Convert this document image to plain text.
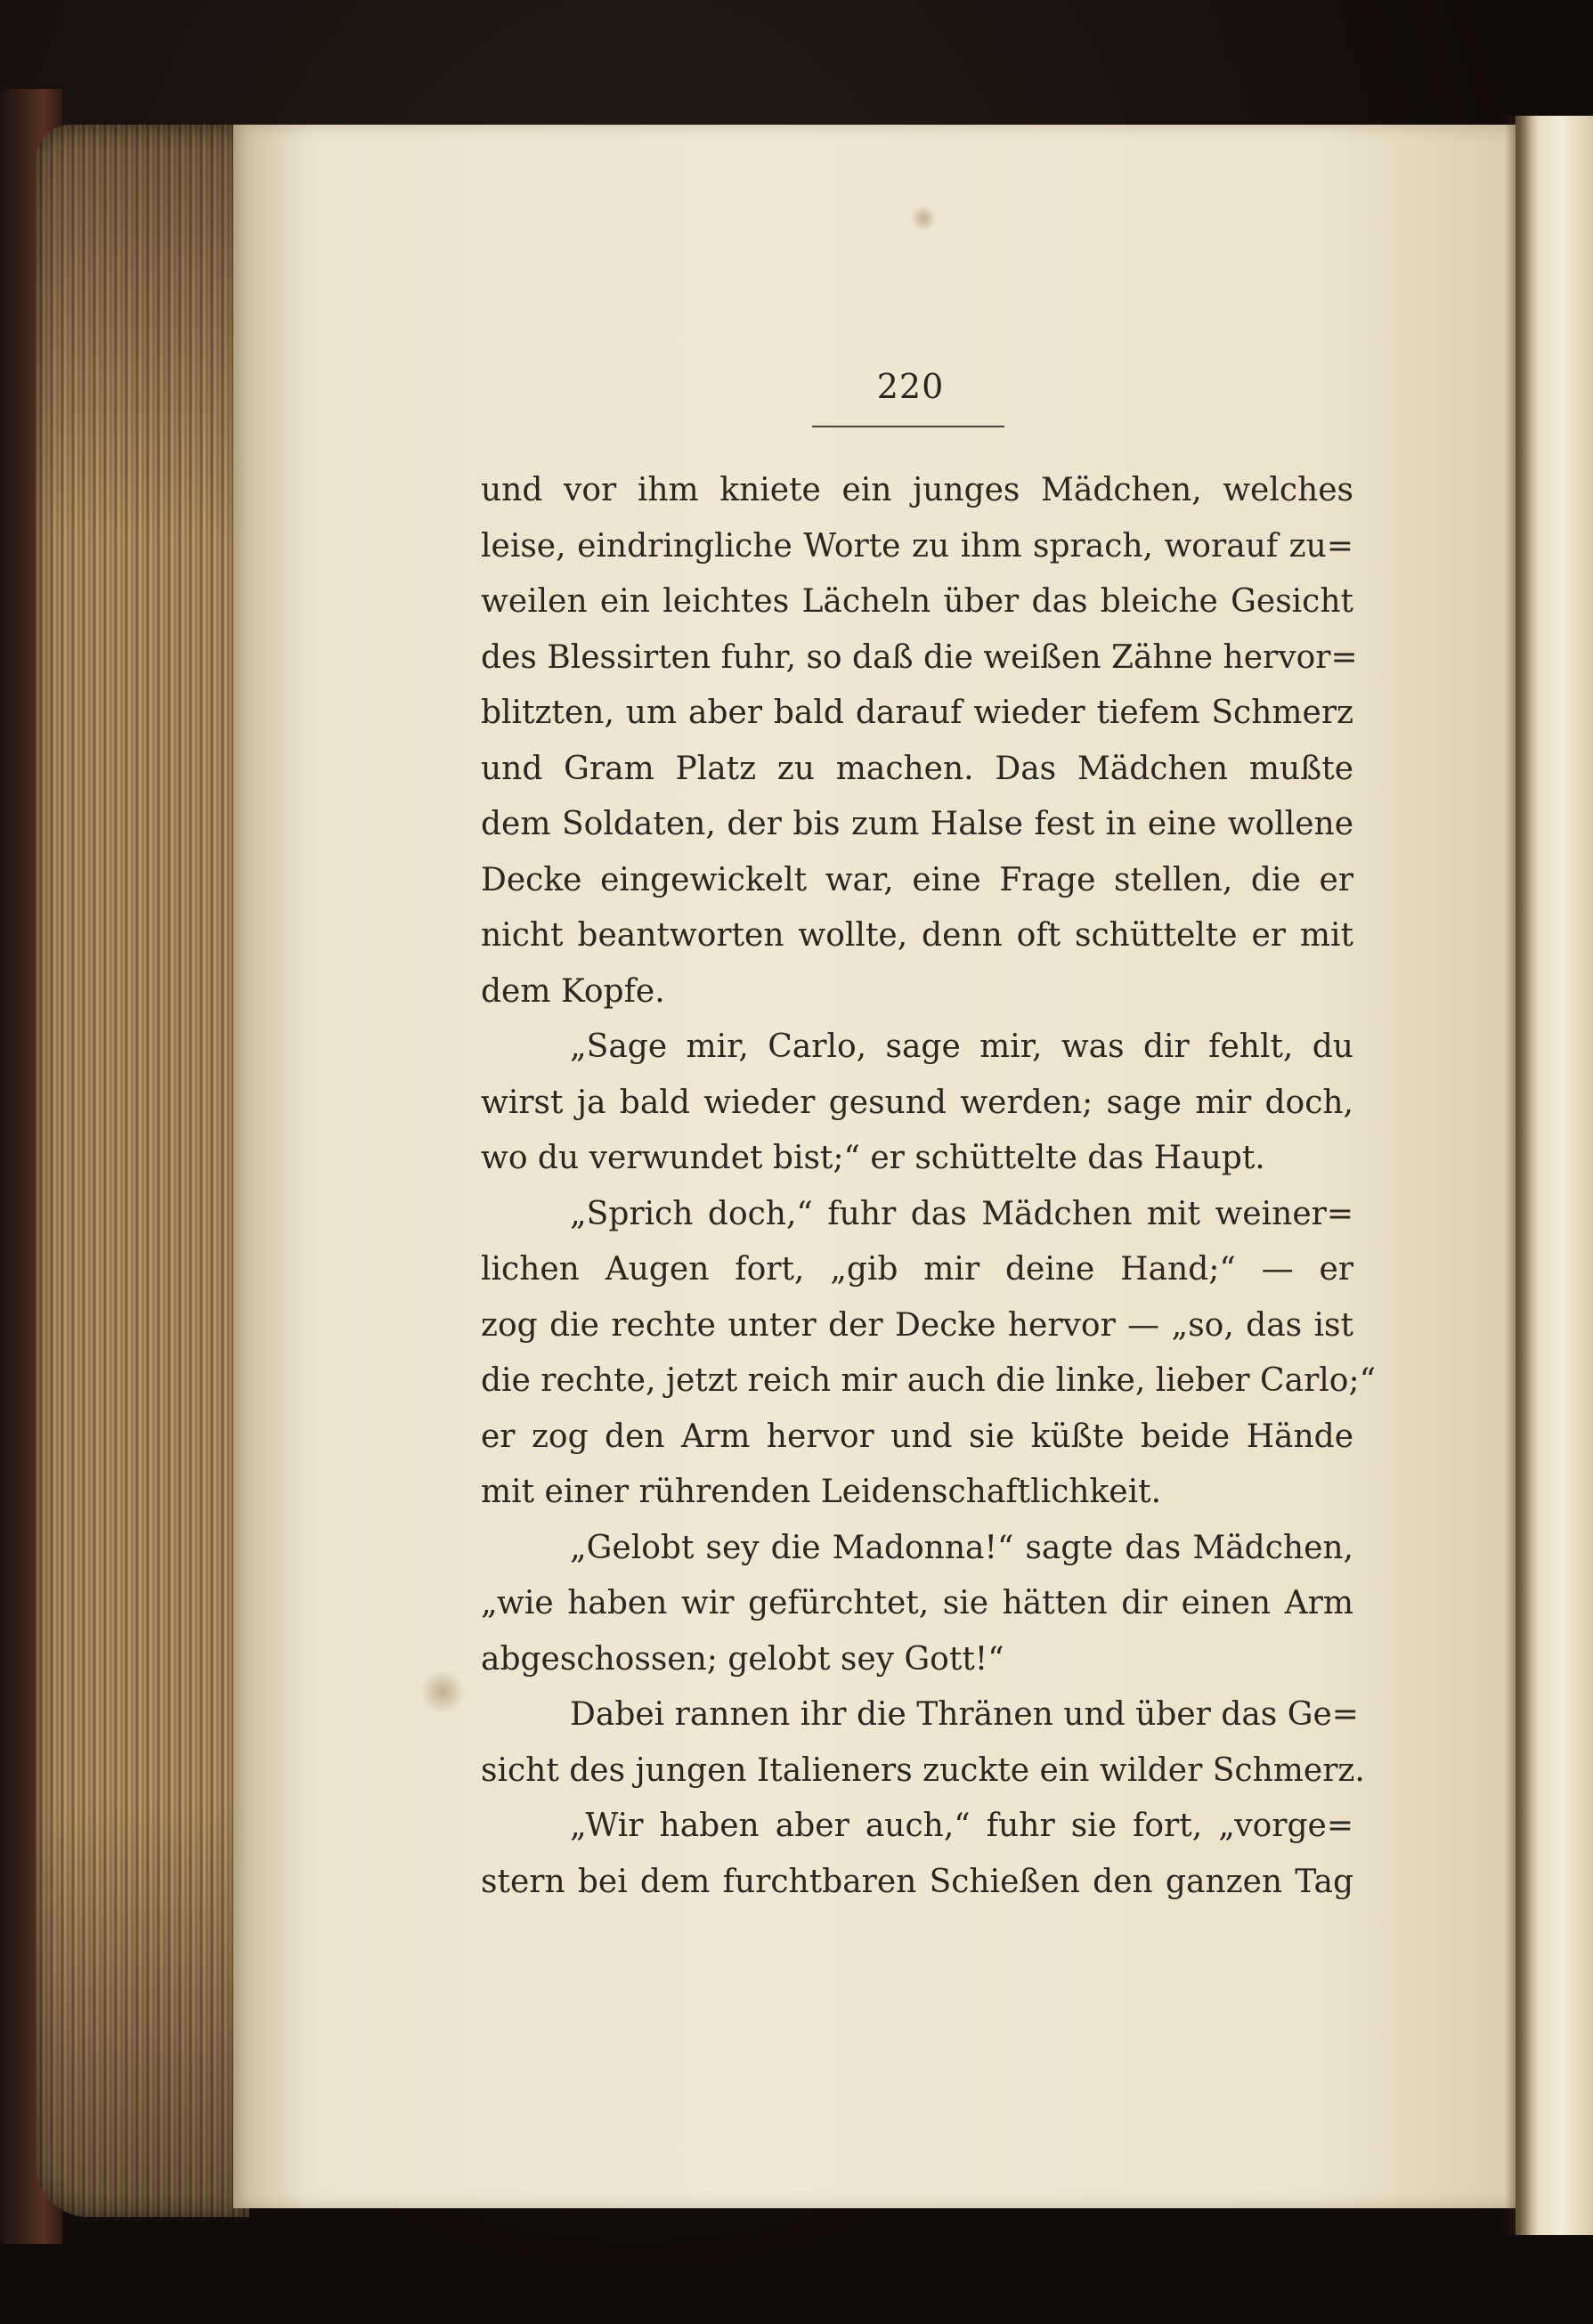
220
und vor ihm kniete ein junges Mädchen, welches
leise, eindringliche Worte zu ihm sprach, worauf zu=
weilen ein leichtes Lächeln über das bleiche Gesicht
des Blessirten fuhr, so daß die weißen Zähne hervor=
blitzten, um aber bald darauf wieder tiefem Schmerz
und Gram Platz zu machen. Das Mädchen mußte
dem Soldaten, der bis zum Halse fest in eine wollene
Decke eingewickelt war, eine Frage stellen, die er
nicht beantworten wollte, denn oft schüttelte er mit
dem Kopfe.
„Sage mir, Carlo, sage mir, was dir fehlt, du
wirst ja bald wieder gesund werden; sage mir doch,
wo du verwundet bist;“ er schüttelte das Haupt.
„Sprich doch,“ fuhr das Mädchen mit weiner=
lichen Augen fort, „gib mir deine Hand;“ — er
zog die rechte unter der Decke hervor — „so, das ist
die rechte, jetzt reich mir auch die linke, lieber Carlo;“
er zog den Arm hervor und sie küßte beide Hände
mit einer rührenden Leidenschaftlichkeit.
„Gelobt sey die Madonna!“ sagte das Mädchen,
„wie haben wir gefürchtet, sie hätten dir einen Arm
abgeschossen; gelobt sey Gott!“
Dabei rannen ihr die Thränen und über das Ge=
sicht des jungen Italieners zuckte ein wilder Schmerz.
„Wir haben aber auch,“ fuhr sie fort, „vorge=
stern bei dem furchtbaren Schießen den ganzen Tag
